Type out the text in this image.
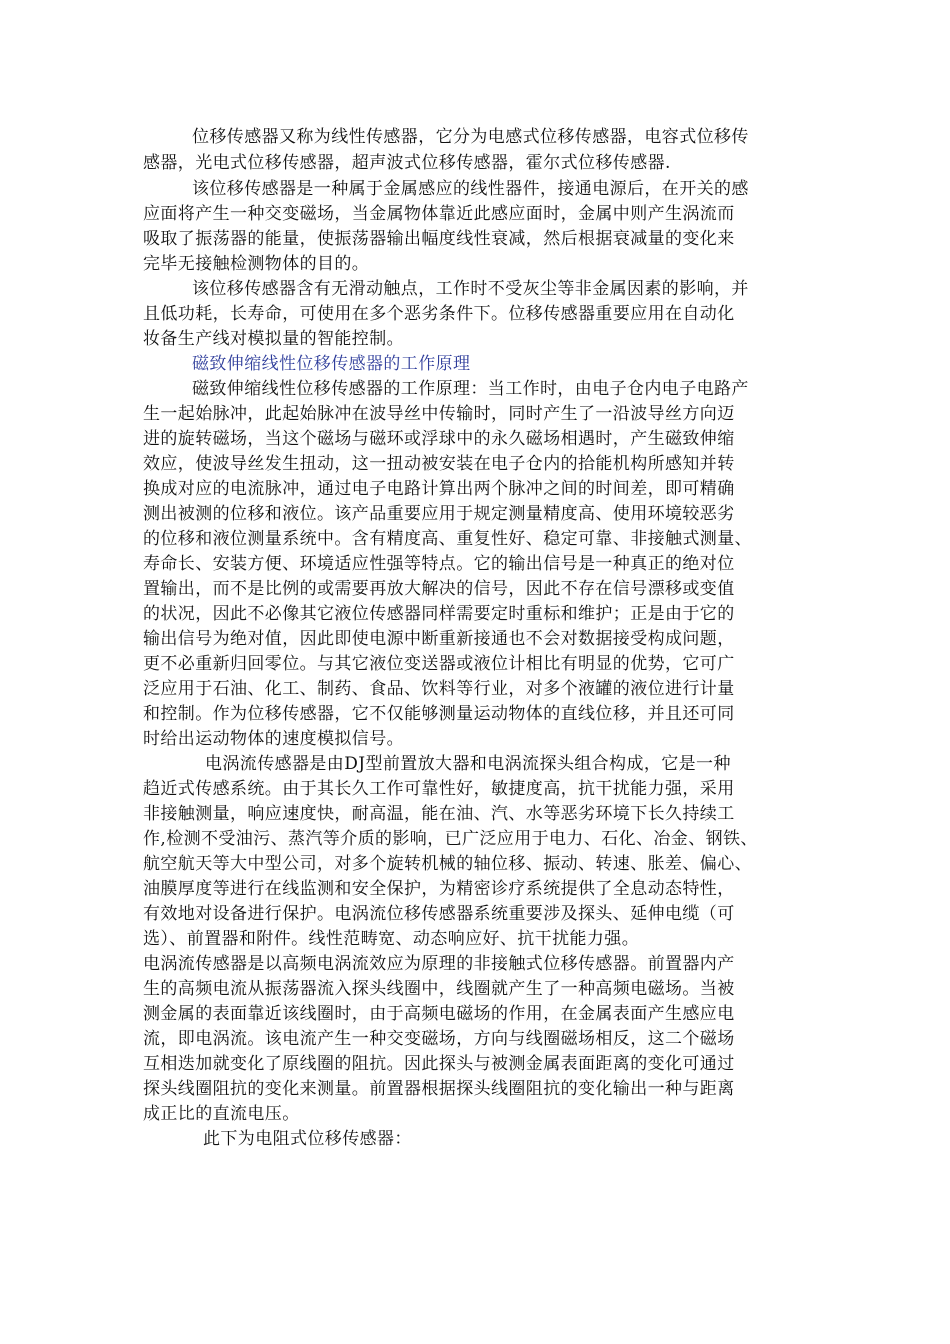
位移传感器又称为线性传感器，它分为电感式位移传感器，电容式位移传
感器，光电式位移传感器，超声波式位移传感器，霍尔式位移传感器.
该位移传感器是一种属于金属感应的线性器件，接通电源后，在开关的感
应面将产生一种交变磁场，当金属物体靠近此感应面时，金属中则产生涡流而
吸取了振荡器的能量，使振荡器输出幅度线性衰减，然后根据衰减量的变化来
完毕无接触检测物体的目的。
该位移传感器含有无滑动触点，工作时不受灰尘等非金属因素的影响，并
且低功耗，长寿命，可使用在多个恶劣条件下。位移传感器重要应用在自动化
妆备生产线对模拟量的智能控制。
磁致伸缩线性位移传感器的工作原理
磁致伸缩线性位移传感器的工作原理：当工作时，由电子仓内电子电路产
生一起始脉冲，此起始脉冲在波导丝中传输时，同时产生了一沿波导丝方向迈
进的旋转磁场，当这个磁场与磁环或浮球中的永久磁场相遇时，产生磁致伸缩
效应，使波导丝发生扭动，这一扭动被安装在电子仓内的拾能机构所感知并转
换成对应的电流脉冲，通过电子电路计算出两个脉冲之间的时间差，即可精确
测出被测的位移和液位。该产品重要应用于规定测量精度高、使用环境较恶劣
的位移和液位测量系统中。含有精度高、重复性好、稳定可靠、非接触式测量、
寿命长、安装方便、环境适应性强等特点。它的输出信号是一种真正的绝对位
置输出，而不是比例的或需要再放大解决的信号，因此不存在信号漂移或变值
的状况，因此不必像其它液位传感器同样需要定时重标和维护；正是由于它的
输出信号为绝对值，因此即使电源中断重新接通也不会对数据接受构成问题，
更不必重新归回零位。与其它液位变送器或液位计相比有明显的优势，它可广
泛应用于石油、化工、制药、食品、饮料等行业，对多个液罐的液位进行计量
和控制。作为位移传感器，它不仅能够测量运动物体的直线位移，并且还可同
时给出运动物体的速度模拟信号。
电涡流传感器是由DJ型前置放大器和电涡流探头组合构成，它是一种
趋近式传感系统。由于其长久工作可靠性好，敏捷度高，抗干扰能力强，采用
非接触测量，响应速度快，耐高温，能在油、汽、水等恶劣环境下长久持续工
作,检测不受油污、蒸汽等介质的影响，已广泛应用于电力、石化、冶金、钢铁、
航空航天等大中型公司，对多个旋转机械的轴位移、振动、转速、胀差、偏心、
油膜厚度等进行在线监测和安全保护，为精密诊疗系统提供了全息动态特性，
有效地对设备进行保护。电涡流位移传感器系统重要涉及探头、延伸电缆（可
选）、前置器和附件。线性范畴宽、动态响应好、抗干扰能力强。
电涡流传感器是以高频电涡流效应为原理的非接触式位移传感器。前置器内产
生的高频电流从振荡器流入探头线圈中，线圈就产生了一种高频电磁场。当被
测金属的表面靠近该线圈时，由于高频电磁场的作用，在金属表面产生感应电
流，即电涡流。该电流产生一种交变磁场，方向与线圈磁场相反，这二个磁场
互相迭加就变化了原线圈的阻抗。因此探头与被测金属表面距离的变化可通过
探头线圈阻抗的变化来测量。前置器根据探头线圈阻抗的变化输出一种与距离
成正比的直流电压。
此下为电阻式位移传感器：
